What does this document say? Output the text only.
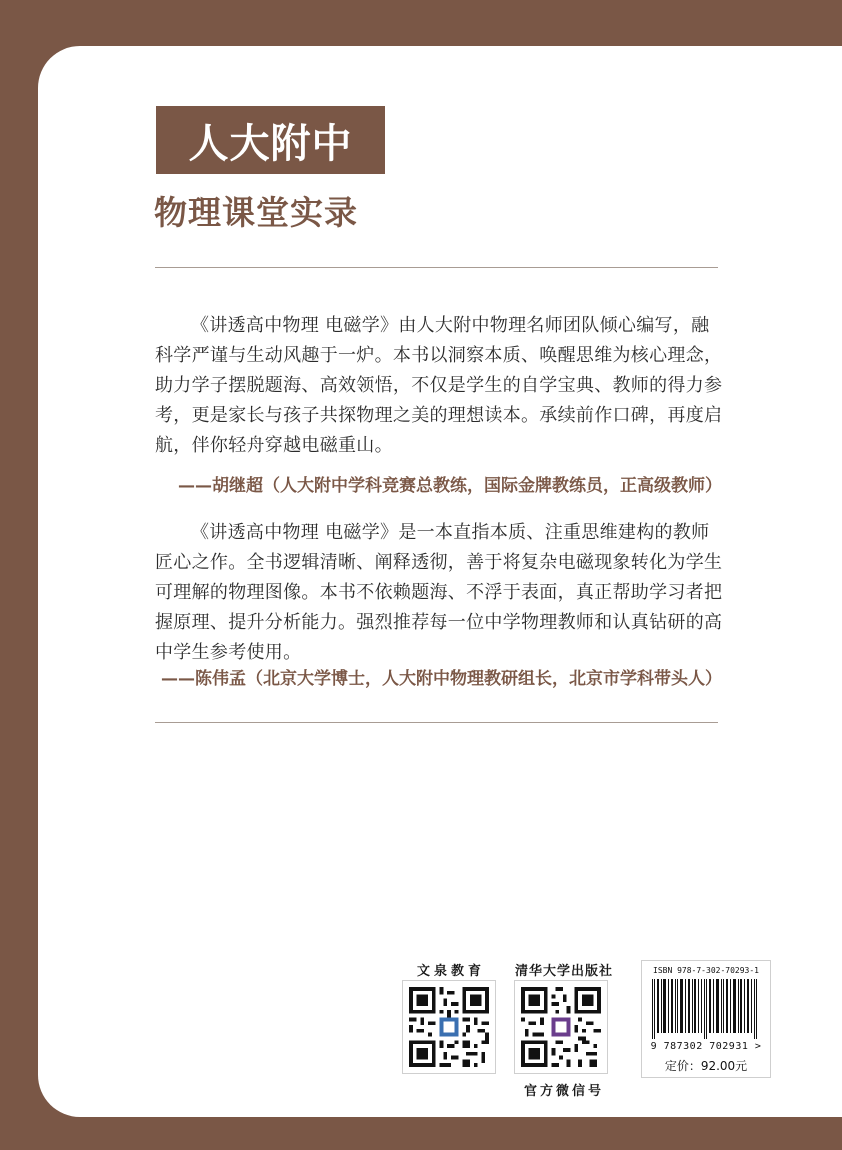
人大附中
物理课堂实录

《讲透高中物理 电磁学》由人大附中物理名师团队倾心编写，融科学严谨与生动风趣于一炉。本书以洞察本质、唤醒思维为核心理念，助力学子摆脱题海、高效领悟，不仅是学生的自学宝典、教师的得力参考，更是家长与孩子共探物理之美的理想读本。承续前作口碑，再度启航，伴你轻舟穿越电磁重山。

——胡继超（人大附中学科竞赛总教练，国际金牌教练员，正高级教师）

《讲透高中物理 电磁学》是一本直指本质、注重思维建构的教师匠心之作。全书逻辑清晰、阐释透彻，善于将复杂电磁现象转化为学生可理解的物理图像。本书不依赖题海、不浮于表面，真正帮助学习者把握原理、提升分析能力。强烈推荐每一位中学物理教师和认真钻研的高中学生参考使用。

——陈伟孟（北京大学博士，人大附中物理教研组长，北京市学科带头人）

文泉教育	清华大学出版社
官方微信号
ISBN 978-7-302-70293-1
9 787302 702931 >
定价：92.00元
